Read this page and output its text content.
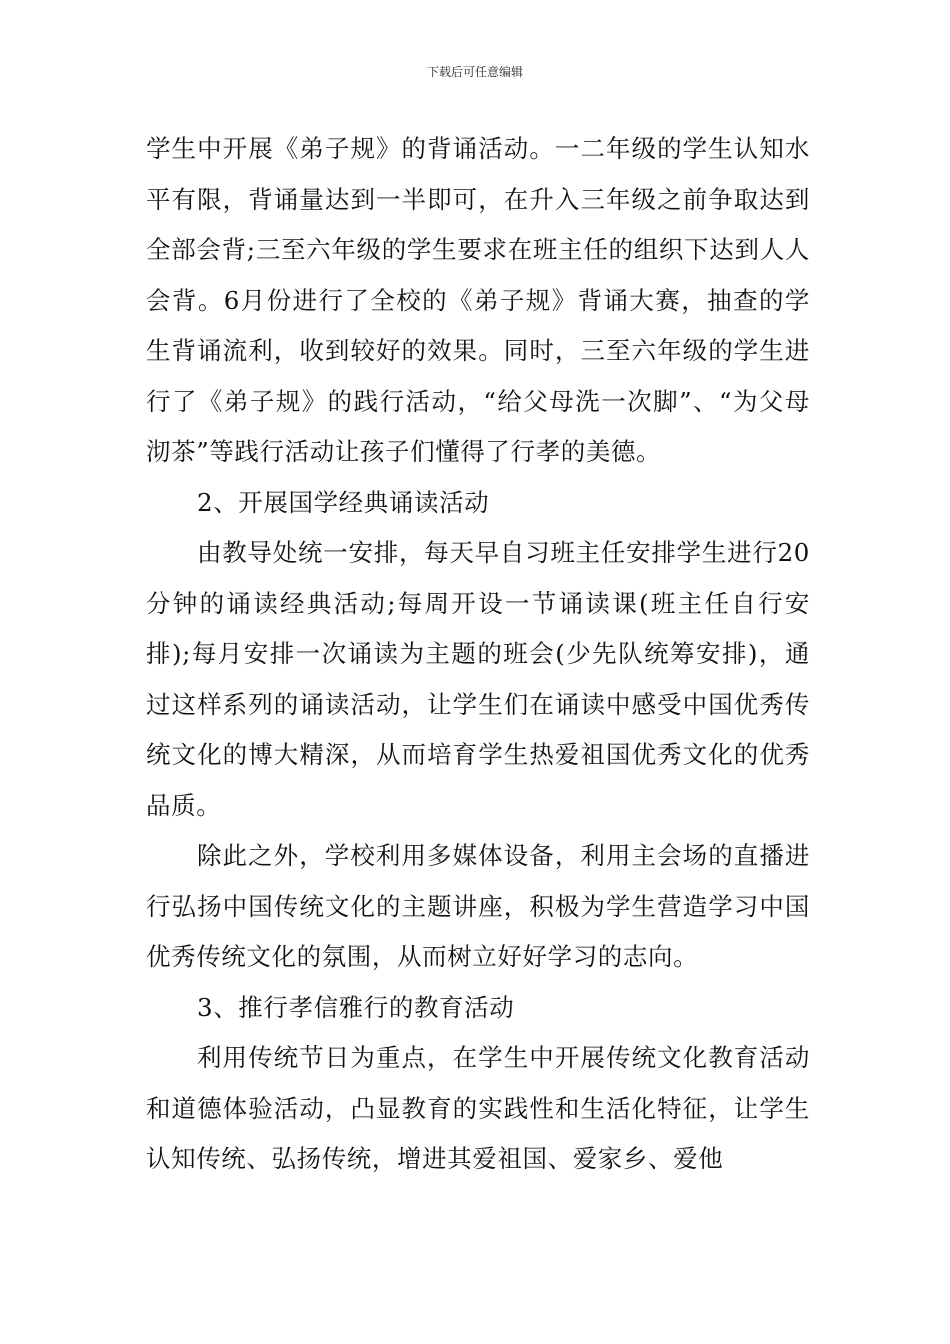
下载后可任意编辑

学生中开展《弟子规》的背诵活动。一二年级的学生认知水平有限，背诵量达到一半即可，在升入三年级之前争取达到全部会背;三至六年级的学生要求在班主任的组织下达到人人会背。6月份进行了全校的《弟子规》背诵大赛，抽查的学生背诵流利，收到较好的效果。同时，三至六年级的学生进行了《弟子规》的践行活动，“给父母洗一次脚”、“为父母沏茶”等践行活动让孩子们懂得了行孝的美德。

2、开展国学经典诵读活动

由教导处统一安排，每天早自习班主任安排学生进行20分钟的诵读经典活动;每周开设一节诵读课(班主任自行安排);每月安排一次诵读为主题的班会(少先队统筹安排)，通过这样系列的诵读活动，让学生们在诵读中感受中国优秀传统文化的博大精深，从而培育学生热爱祖国优秀文化的优秀品质。

除此之外，学校利用多媒体设备，利用主会场的直播进行弘扬中国传统文化的主题讲座，积极为学生营造学习中国优秀传统文化的氛围，从而树立好好学习的志向。

3、推行孝信雅行的教育活动

利用传统节日为重点，在学生中开展传统文化教育活动和道德体验活动，凸显教育的实践性和生活化特征，让学生认知传统、弘扬传统，增进其爱祖国、爱家乡、爱他
